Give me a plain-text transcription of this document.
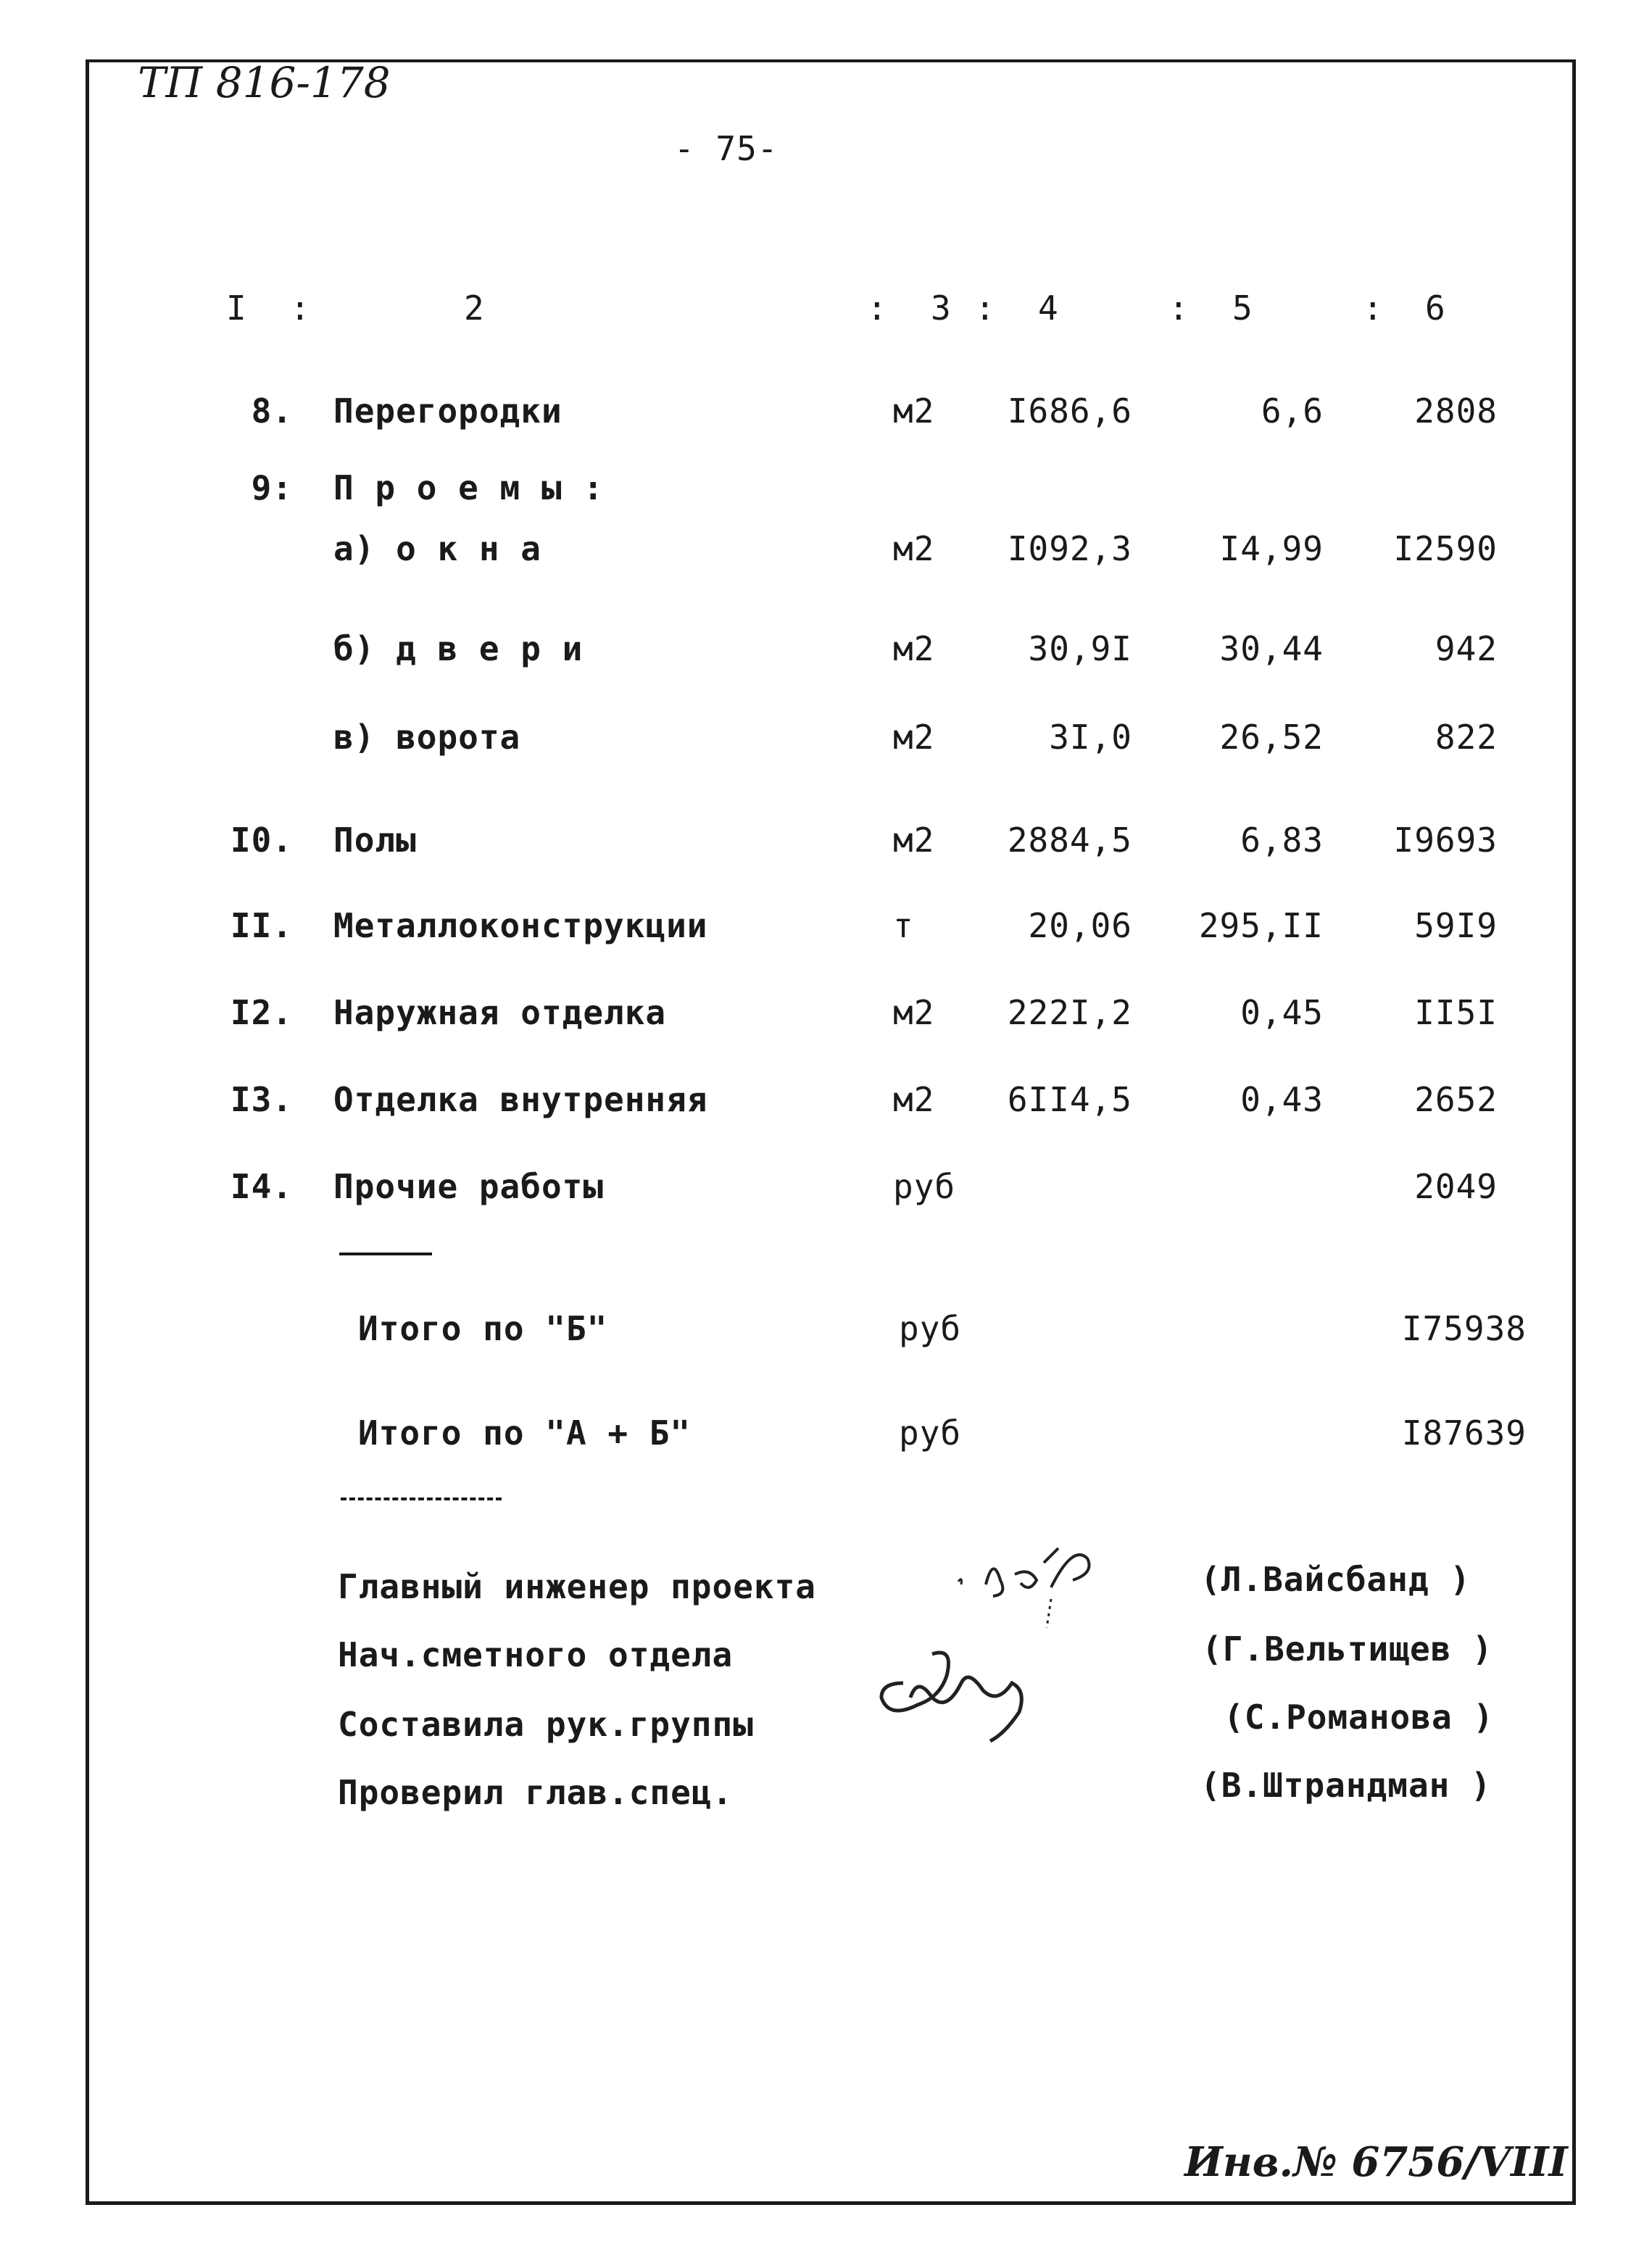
ТП 816-178
- 75-
I :	2	: 3 : 4	: 5	: 6
8. Перегородки	м2	I686,6	6,6	2808
9: П р о е м ы :
а) о к н а	м2	I092,3	I4,99	I2590
б) д в е р и	м2	30,9I	30,44	942
в) ворота	м2	3I,0	26,52	822
I0. Полы	м2	2884,5	6,83	I9693
II. Металлоконструкции	т	20,06	295,II	59I9
I2. Наружная отделка	м2	222I,2	0,45	II5I
I3. Отделка внутренняя	м2	6II4,5	0,43	2652
I4. Прочие работы	руб	2049
Итого по "Б"	руб	I75938
Итого по "А + Б"	руб	I87639
Главный инженер проекта	(Л.Вайсбанд )
Нач.сметного отдела	(Г.Вельтищев )
Составила рук.группы	(С.Романова )
Проверил глав.спец.	(В.Штрандман )
Инв.№ 6756/VIII
